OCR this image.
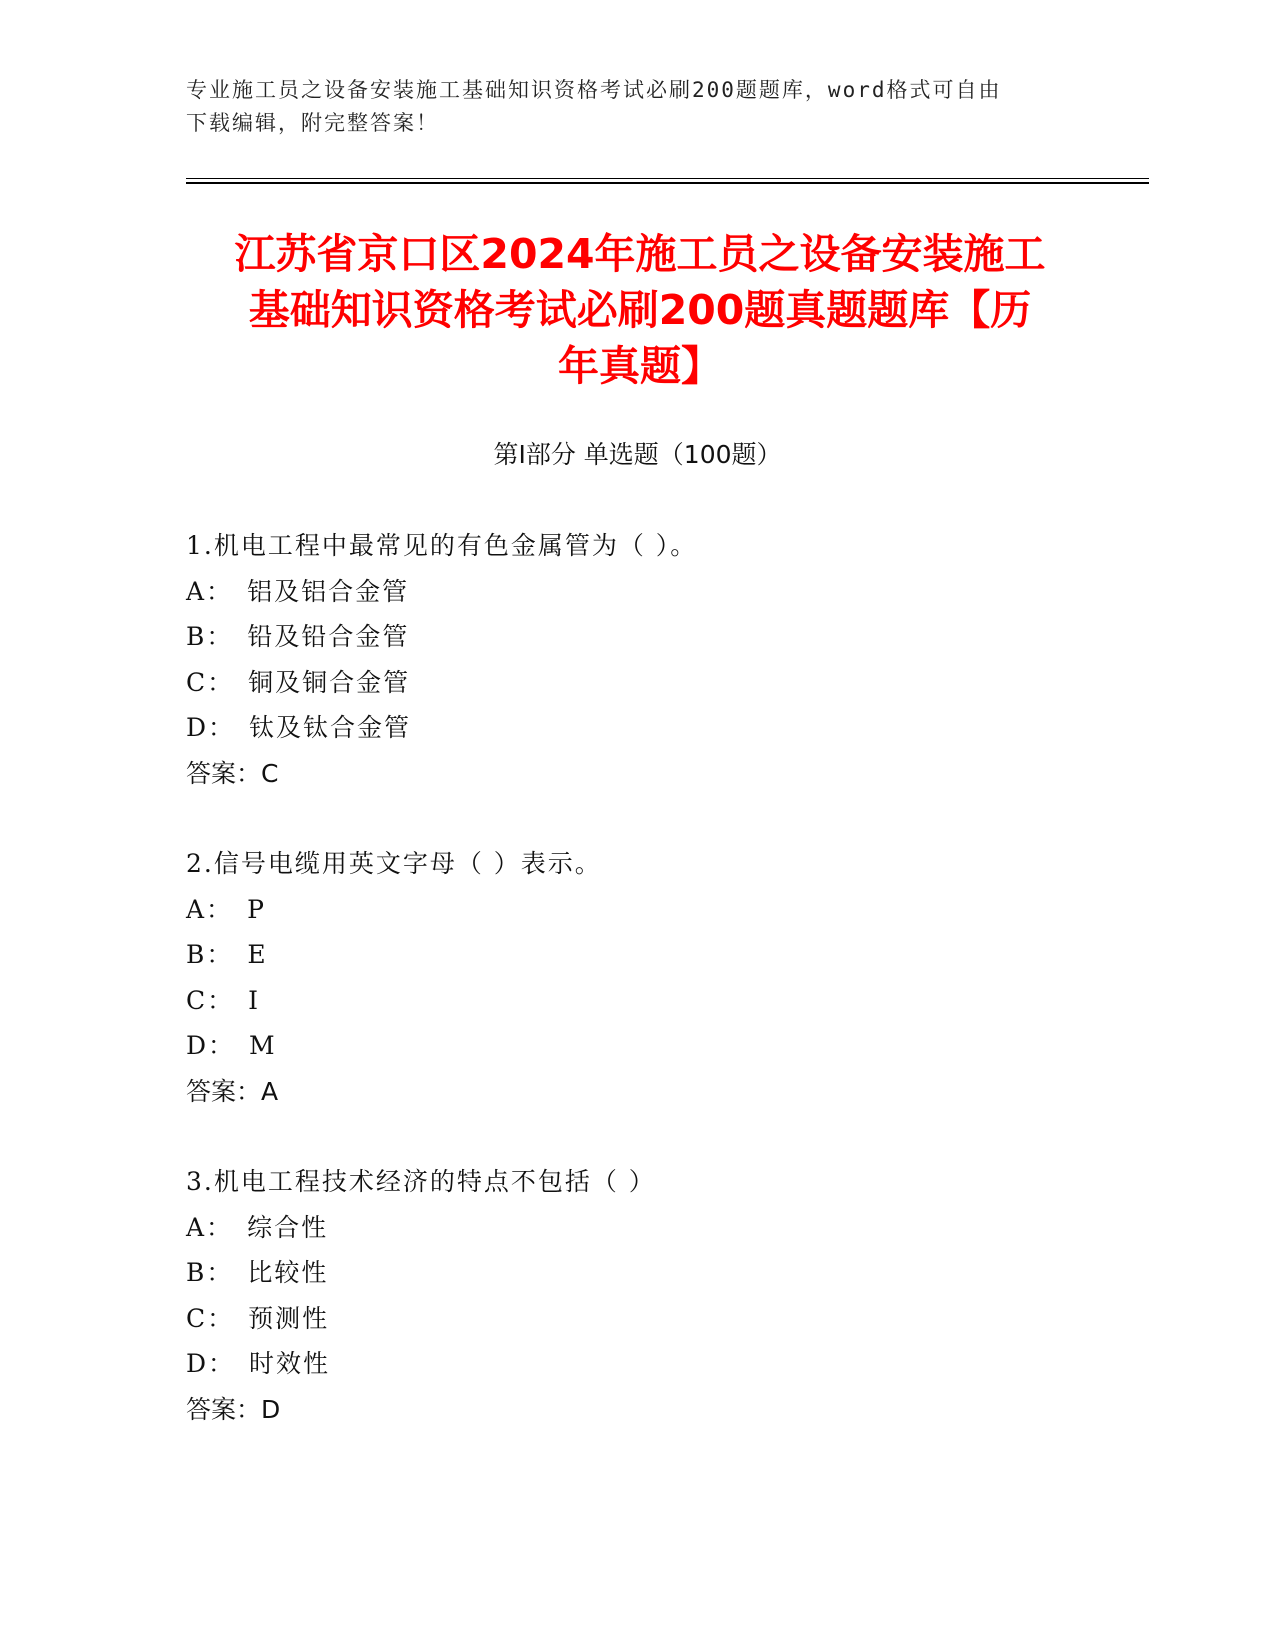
专业施工员之设备安装施工基础知识资格考试必刷200题题库，word格式可自由
下载编辑，附完整答案！
江苏省京口区2024年施工员之设备安装施工
基础知识资格考试必刷200题真题题库【历
年真题】
第Ⅰ部分 单选题（100题）
1.机电工程中最常见的有色金属管为（ ）。
A： 铝及铝合金管
B： 铅及铅合金管
C： 铜及铜合金管
D： 钛及钛合金管
答案：C
2.信号电缆用英文字母（ ）表示。
A： P
B： E
C： I
D： M
答案：A
3.机电工程技术经济的特点不包括（ ）
A： 综合性
B： 比较性
C： 预测性
D： 时效性
答案：D
